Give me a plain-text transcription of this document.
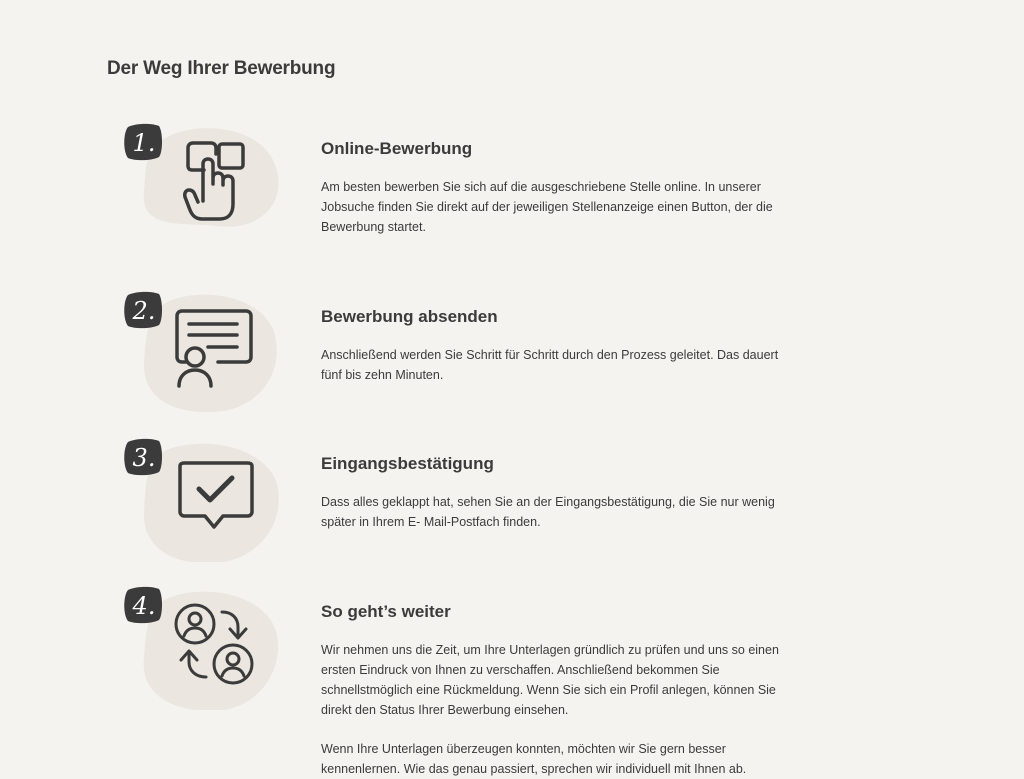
Der Weg Ihrer Bewerbung
1.	Online-Bewerbung

Am besten bewerben Sie sich auf die ausgeschriebene Stelle online. In unserer Jobsuche finden Sie direkt auf der jeweiligen Stellenanzeige einen Button, der die Bewerbung startet.

2.	Bewerbung absenden

Anschließend werden Sie Schritt für Schritt durch den Prozess geleitet. Das dauert fünf bis zehn Minuten.

3.	Eingangsbestätigung

Dass alles geklappt hat, sehen Sie an der Eingangsbestätigung, die Sie nur wenig später in Ihrem E- Mail-Postfach finden.

4.	So geht’s weiter

Wir nehmen uns die Zeit, um Ihre Unterlagen gründlich zu prüfen und uns so einen ersten Eindruck von Ihnen zu verschaffen. Anschließend bekommen Sie schnellstmöglich eine Rückmeldung. Wenn Sie sich ein Profil anlegen, können Sie direkt den Status Ihrer Bewerbung einsehen.

Wenn Ihre Unterlagen überzeugen konnten, möchten wir Sie gern besser kennenlernen. Wie das genau passiert, sprechen wir individuell mit Ihnen ab.
